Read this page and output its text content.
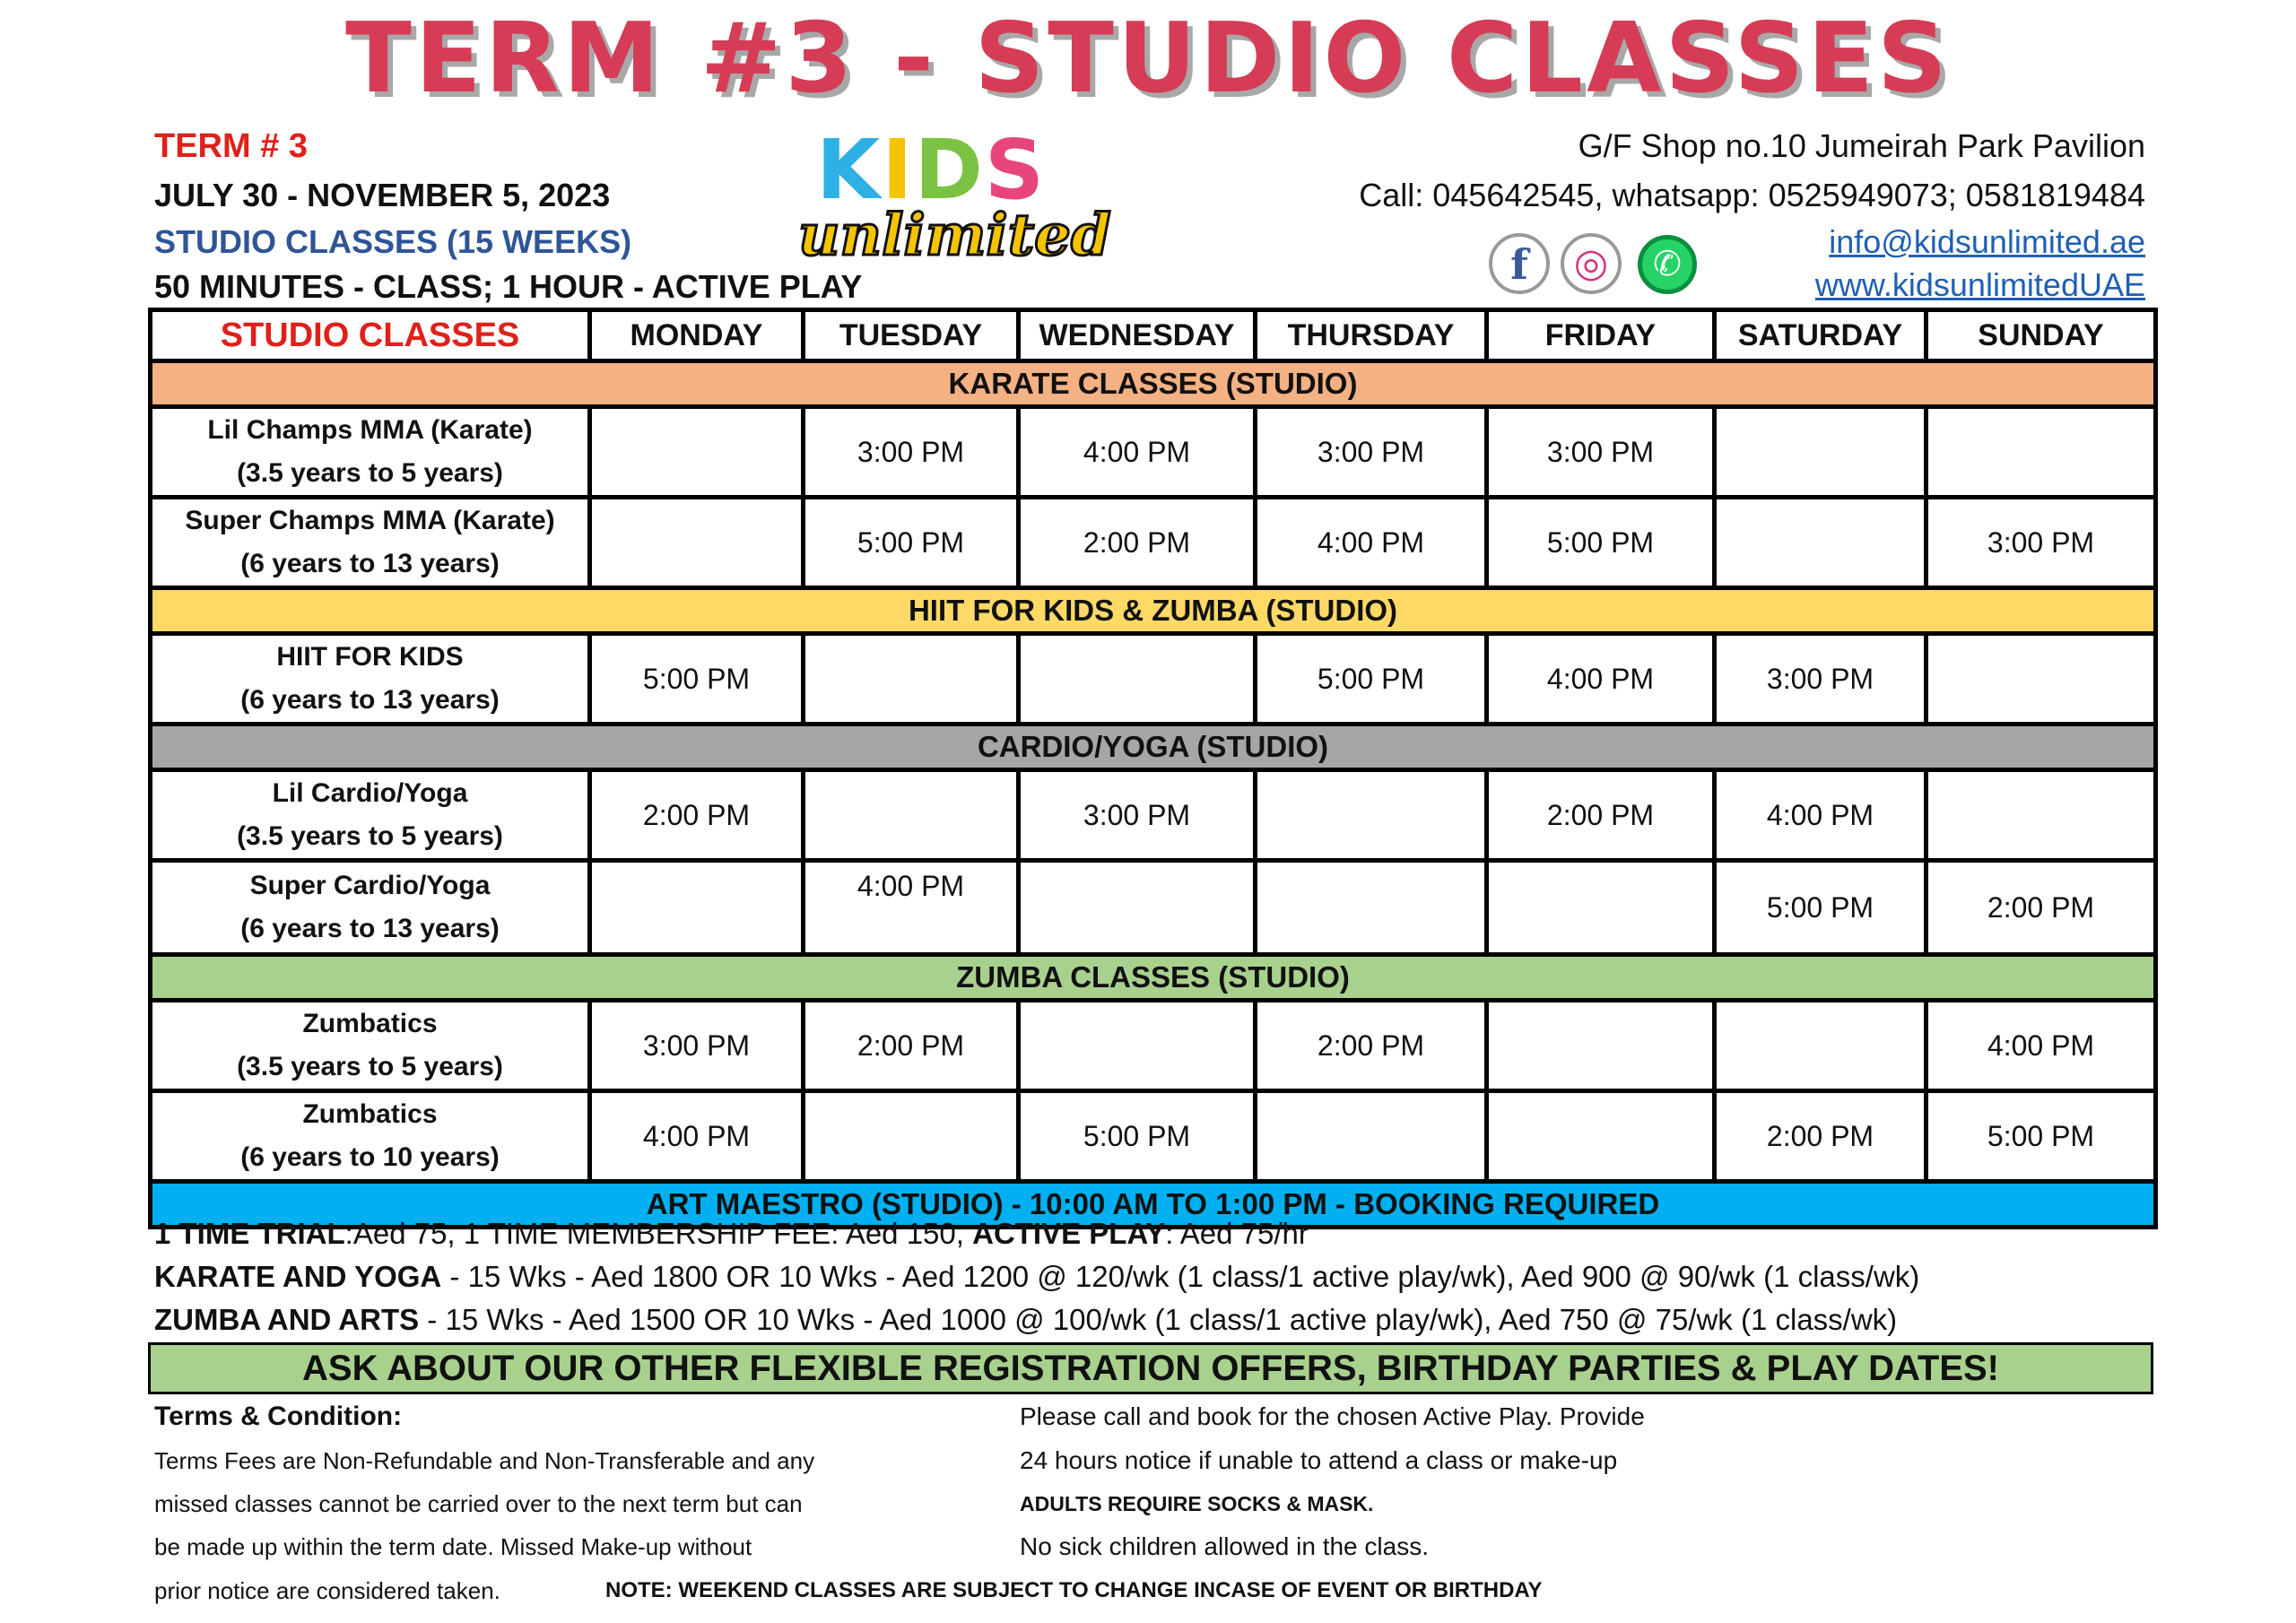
TERM #3 - STUDIO CLASSES
TERM # 3
JULY 30 - NOVEMBER 5, 2023
STUDIO CLASSES (15 WEEKS)
50 MINUTES - CLASS; 1 HOUR - ACTIVE PLAY
KIDS
unlimited
G/F Shop no.10 Jumeirah Park Pavilion
Call: 045642545, whatsapp: 0525949073; 0581819484
info@kidsunlimited.ae
www.kidsunlimitedUAE
f	◎	✆
STUDIO CLASSES	MONDAY	TUESDAY	WEDNESDAY	THURSDAY	FRIDAY	SATURDAY	SUNDAY
KARATE CLASSES (STUDIO)							

Lil Champs MMA (Karate)
(3.5 years to 5 years)		3:00 PM	4:00 PM	3:00 PM	3:00 PM		

Super Champs MMA (Karate)
(6 years to 13 years)		5:00 PM	2:00 PM	4:00 PM	5:00 PM		3:00 PM
HIIT FOR KIDS & ZUMBA (STUDIO)							

HIIT FOR KIDS
(6 years to 13 years)	5:00 PM			5:00 PM	4:00 PM	3:00 PM	
CARDIO/YOGA (STUDIO)							

Lil Cardio/Yoga
(3.5 years to 5 years)	2:00 PM		3:00 PM		2:00 PM	4:00 PM	

Super Cardio/Yoga
(6 years to 13 years)		4:00 PM				5:00 PM	2:00 PM
ZUMBA CLASSES (STUDIO)							

Zumbatics
(3.5 years to 5 years)	3:00 PM	2:00 PM		2:00 PM			4:00 PM

Zumbatics
(6 years to 10 years)	4:00 PM		5:00 PM			2:00 PM	5:00 PM
ART MAESTRO (STUDIO) - 10:00 AM TO 1:00 PM - BOOKING REQUIRED							
1 TIME TRIAL:Aed 75, 1 TIME MEMBERSHIP FEE: Aed 150, ACTIVE PLAY: Aed 75/hr
KARATE AND YOGA - 15 Wks - Aed 1800 OR 10 Wks - Aed 1200 @ 120/wk (1 class/1 active play/wk), Aed 900 @ 90/wk (1 class/wk)
ZUMBA AND ARTS - 15 Wks - Aed 1500 OR 10 Wks - Aed 1000 @ 100/wk (1 class/1 active play/wk), Aed 750 @ 75/wk (1 class/wk)
ASK ABOUT OUR OTHER FLEXIBLE REGISTRATION OFFERS, BIRTHDAY PARTIES & PLAY DATES!
Terms & Condition:
Terms Fees are Non-Refundable and Non-Transferable and any
missed classes cannot be carried over to the next term but can
be made up within the term date. Missed Make-up without
prior notice are considered taken.
Please call and book for the chosen Active Play. Provide
24 hours notice if unable to attend a class or make-up
ADULTS REQUIRE SOCKS & MASK.
No sick children allowed in the class.
NOTE: WEEKEND CLASSES ARE SUBJECT TO CHANGE INCASE OF EVENT OR BIRTHDAY
